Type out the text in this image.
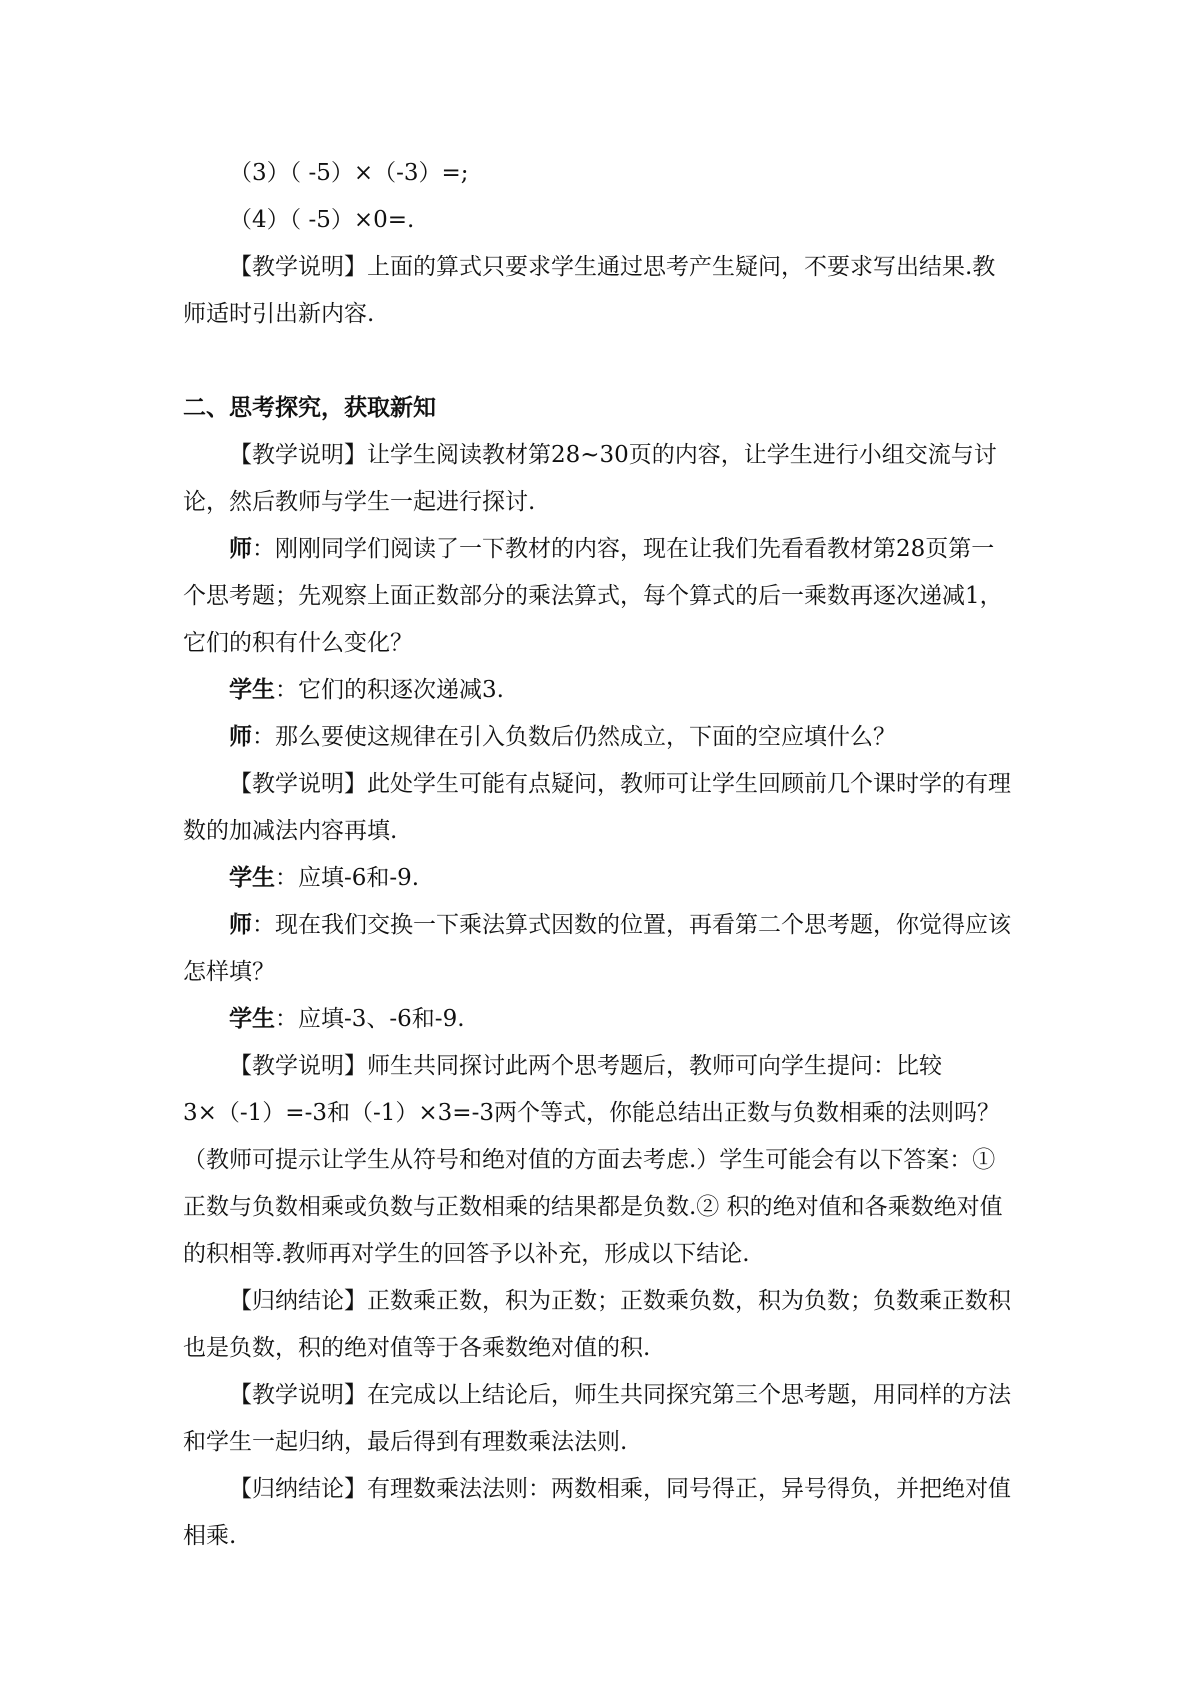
（3）（ -5）×（-3）=;

（4）（ -5）×0=.

【教学说明】上面的算式只要求学生通过思考产生疑问，不要求写出结果.教师适时引出新内容.

二、思考探究，获取新知

【教学说明】让学生阅读教材第28~30页的内容，让学生进行小组交流与讨论，然后教师与学生一起进行探讨.

师：刚刚同学们阅读了一下教材的内容，现在让我们先看看教材第28页第一个思考题；先观察上面正数部分的乘法算式，每个算式的后一乘数再逐次递减1，它们的积有什么变化？

学生：它们的积逐次递减3.

师：那么要使这规律在引入负数后仍然成立，下面的空应填什么？

【教学说明】此处学生可能有点疑问，教师可让学生回顾前几个课时学的有理数的加减法内容再填.

学生：应填-6和-9.

师：现在我们交换一下乘法算式因数的位置，再看第二个思考题，你觉得应该怎样填？

学生：应填-3、-6和-9.

【教学说明】师生共同探讨此两个思考题后，教师可向学生提问：比较

3×（-1）=-3和（-1）×3=-3两个等式，你能总结出正数与负数相乘的法则吗？（教师可提示让学生从符号和绝对值的方面去考虑.）学生可能会有以下答案：①正数与负数相乘或负数与正数相乘的结果都是负数.② 积的绝对值和各乘数绝对值的积相等.教师再对学生的回答予以补充，形成以下结论.

【归纳结论】正数乘正数，积为正数；正数乘负数，积为负数；负数乘正数积也是负数，积的绝对值等于各乘数绝对值的积.

【教学说明】在完成以上结论后，师生共同探究第三个思考题，用同样的方法和学生一起归纳，最后得到有理数乘法法则.

【归纳结论】有理数乘法法则：两数相乘，同号得正，异号得负，并把绝对值相乘.
